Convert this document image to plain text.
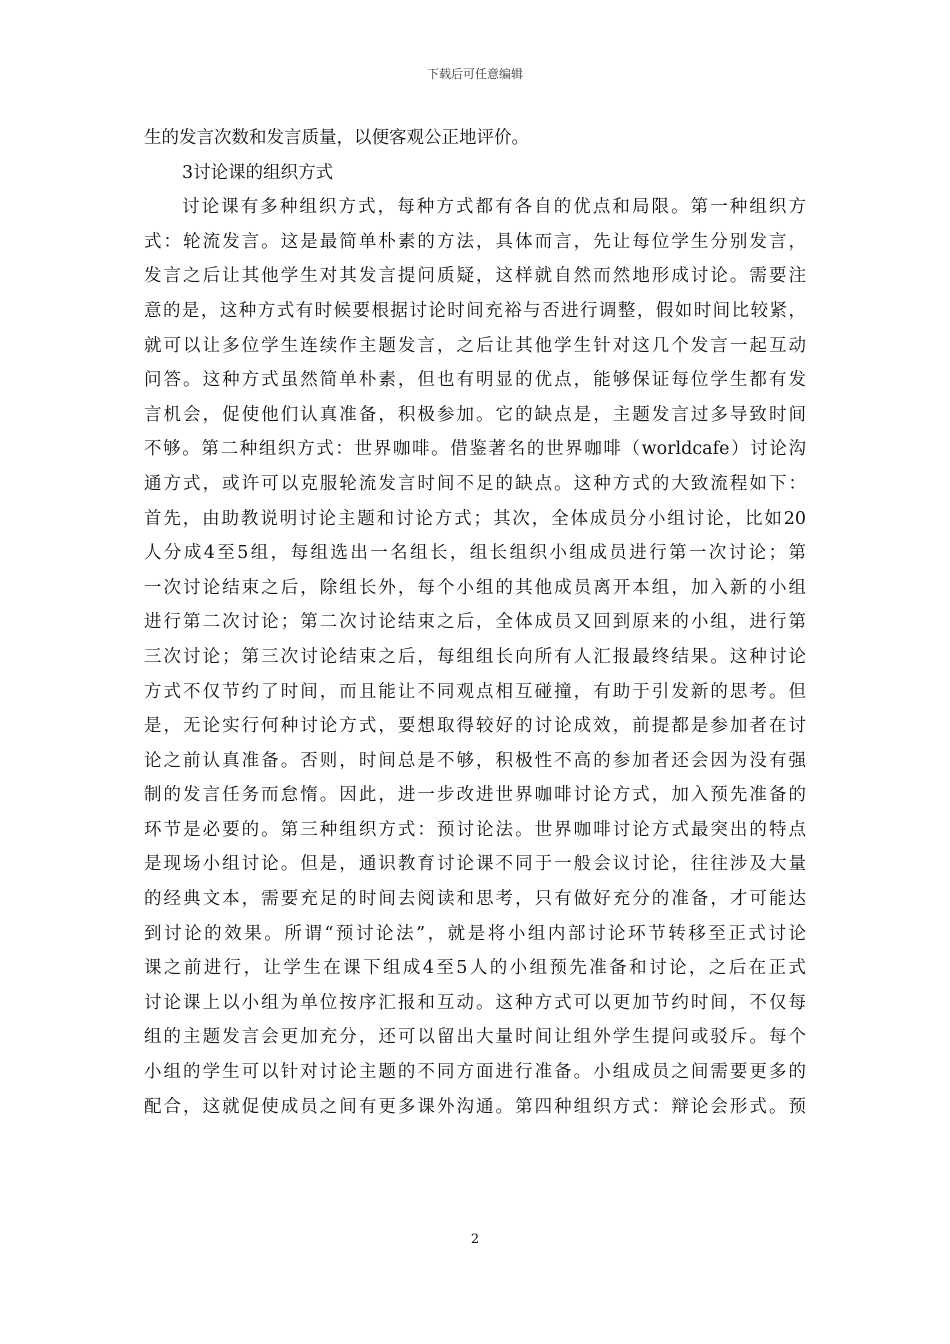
下载后可任意编辑
生的发言次数和发言质量，以便客观公正地评价。
3讨论课的组织方式
讨论课有多种组织方式，每种方式都有各自的优点和局限。第一种组织方
式：轮流发言。这是最简单朴素的方法，具体而言，先让每位学生分别发言，
发言之后让其他学生对其发言提问质疑，这样就自然而然地形成讨论。需要注
意的是，这种方式有时候要根据讨论时间充裕与否进行调整，假如时间比较紧，
就可以让多位学生连续作主题发言，之后让其他学生针对这几个发言一起互动
问答。这种方式虽然简单朴素，但也有明显的优点，能够保证每位学生都有发
言机会，促使他们认真准备，积极参加。它的缺点是，主题发言过多导致时间
不够。第二种组织方式：世界咖啡。借鉴著名的世界咖啡（worldcafe）讨论沟
通方式，或许可以克服轮流发言时间不足的缺点。这种方式的大致流程如下：
首先，由助教说明讨论主题和讨论方式；其次，全体成员分小组讨论，比如20
人分成4至5组，每组选出一名组长，组长组织小组成员进行第一次讨论；第
一次讨论结束之后，除组长外，每个小组的其他成员离开本组，加入新的小组
进行第二次讨论；第二次讨论结束之后，全体成员又回到原来的小组，进行第
三次讨论；第三次讨论结束之后，每组组长向所有人汇报最终结果。这种讨论
方式不仅节约了时间，而且能让不同观点相互碰撞，有助于引发新的思考。但
是，无论实行何种讨论方式，要想取得较好的讨论成效，前提都是参加者在讨
论之前认真准备。否则，时间总是不够，积极性不高的参加者还会因为没有强
制的发言任务而怠惰。因此，进一步改进世界咖啡讨论方式，加入预先准备的
环节是必要的。第三种组织方式：预讨论法。世界咖啡讨论方式最突出的特点
是现场小组讨论。但是，通识教育讨论课不同于一般会议讨论，往往涉及大量
的经典文本，需要充足的时间去阅读和思考，只有做好充分的准备，才可能达
到讨论的效果。所谓“预讨论法”，就是将小组内部讨论环节转移至正式讨论
课之前进行，让学生在课下组成4至5人的小组预先准备和讨论，之后在正式
讨论课上以小组为单位按序汇报和互动。这种方式可以更加节约时间，不仅每
组的主题发言会更加充分，还可以留出大量时间让组外学生提问或驳斥。每个
小组的学生可以针对讨论主题的不同方面进行准备。小组成员之间需要更多的
配合，这就促使成员之间有更多课外沟通。第四种组织方式：辩论会形式。预
2
